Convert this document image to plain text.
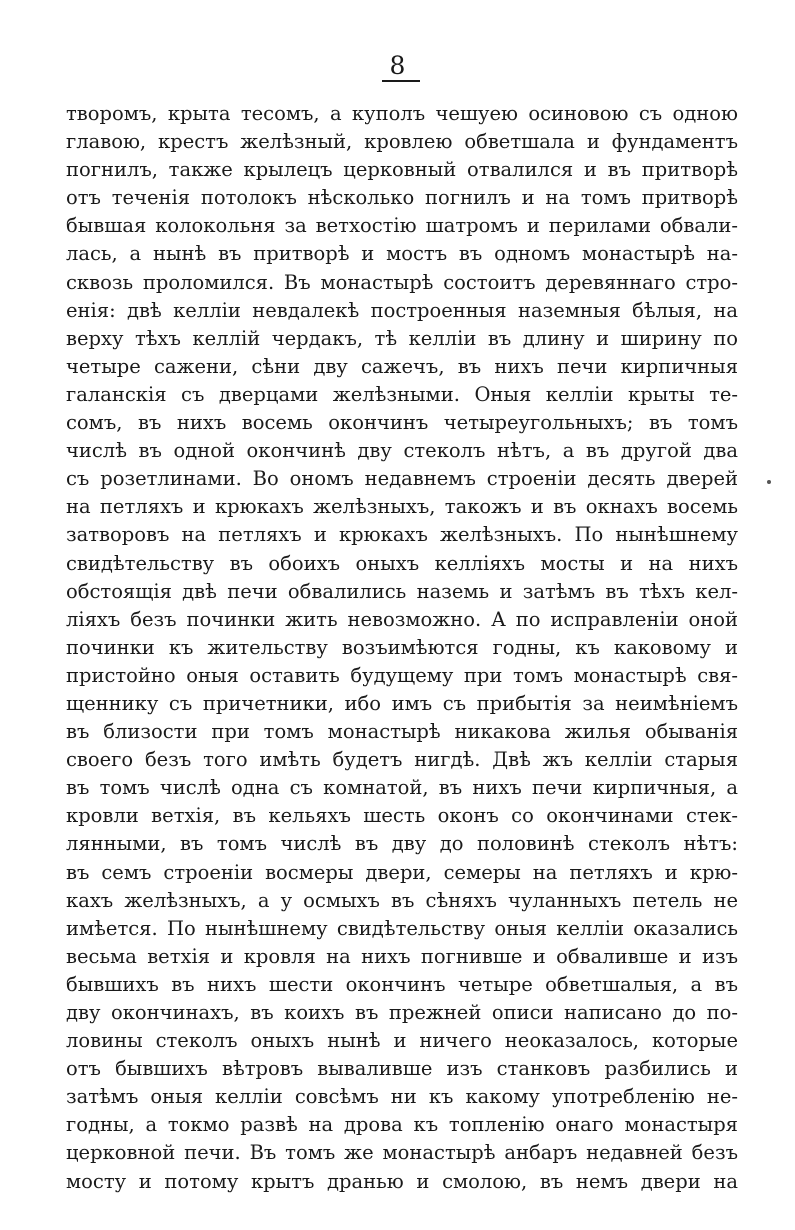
8
творомъ, крыта тесомъ, а куполъ чешуею осиновою съ одною
главою, крестъ желѣзный, кровлею обветшала и фундаментъ
погнилъ, также крылецъ церковный отвалился и въ притворѣ
отъ теченія потолокъ нѣсколько погнилъ и на томъ притворѣ
бывшая колокольня за ветхостію шатромъ и перилами обвали-
лась, а нынѣ въ притворѣ и мостъ въ одномъ монастырѣ на-
сквозь проломился. Въ монастырѣ состоитъ деревяннаго стро-
енія: двѣ келліи невдалекѣ построенныя наземныя бѣлыя, на
верху тѣхъ келлій чердакъ, тѣ келліи въ длину и ширину по
четыре сажени, сѣни дву сажечъ, въ нихъ печи кирпичныя
галанскія съ дверцами желѣзными. Оныя келліи крыты те-
сомъ, въ нихъ восемь окончинъ четыреугольныхъ; въ томъ
числѣ въ одной окончинѣ дву стеколъ нѣтъ, а въ другой два
съ розетлинами. Во ономъ недавнемъ строеніи десять дверей
на петляхъ и крюкахъ желѣзныхъ, такожъ и въ окнахъ восемь
затворовъ на петляхъ и крюкахъ желѣзныхъ. По нынѣшнему
свидѣтельству въ обоихъ оныхъ келліяхъ мосты и на нихъ
обстоящія двѣ печи обвалились наземь и затѣмъ въ тѣхъ кел-
ліяхъ безъ починки жить невозможно. А по исправленіи оной
починки къ жительству возъимѣются годны, къ каковому и
пристойно оныя оставить будущему при томъ монастырѣ свя-
щеннику съ причетники, ибо имъ съ прибытія за неимѣніемъ
въ близости при томъ монастырѣ никакова жилья обыванія
своего безъ того имѣть будетъ нигдѣ. Двѣ жъ келліи старыя
въ томъ числѣ одна съ комнатой, въ нихъ печи кирпичныя, а
кровли ветхія, въ кельяхъ шесть оконъ со окончинами стек-
лянными, въ томъ числѣ въ дву до половинѣ стеколъ нѣтъ:
въ семъ строеніи восмеры двери, семеры на петляхъ и крю-
кахъ желѣзныхъ, а у осмыхъ въ сѣняхъ чуланныхъ петель не
имѣется. По нынѣшнему свидѣтельству оныя келліи оказались
весьма ветхія и кровля на нихъ погнивше и обваливше и изъ
бывшихъ въ нихъ шести окончинъ четыре обветшалыя, а въ
дву окончинахъ, въ коихъ въ прежней описи написано до по-
ловины стеколъ оныхъ нынѣ и ничего неоказалось, которые
отъ бывшихъ вѣтровъ вываливше изъ станковъ разбились и
затѣмъ оныя келліи совсѣмъ ни къ какому употребленію не-
годны, а токмо развѣ на дрова къ топленію онаго монастыря
церковной печи. Въ томъ же монастырѣ анбаръ недавней безъ
мосту и потому крытъ дранью и смолою, въ немъ двери на
